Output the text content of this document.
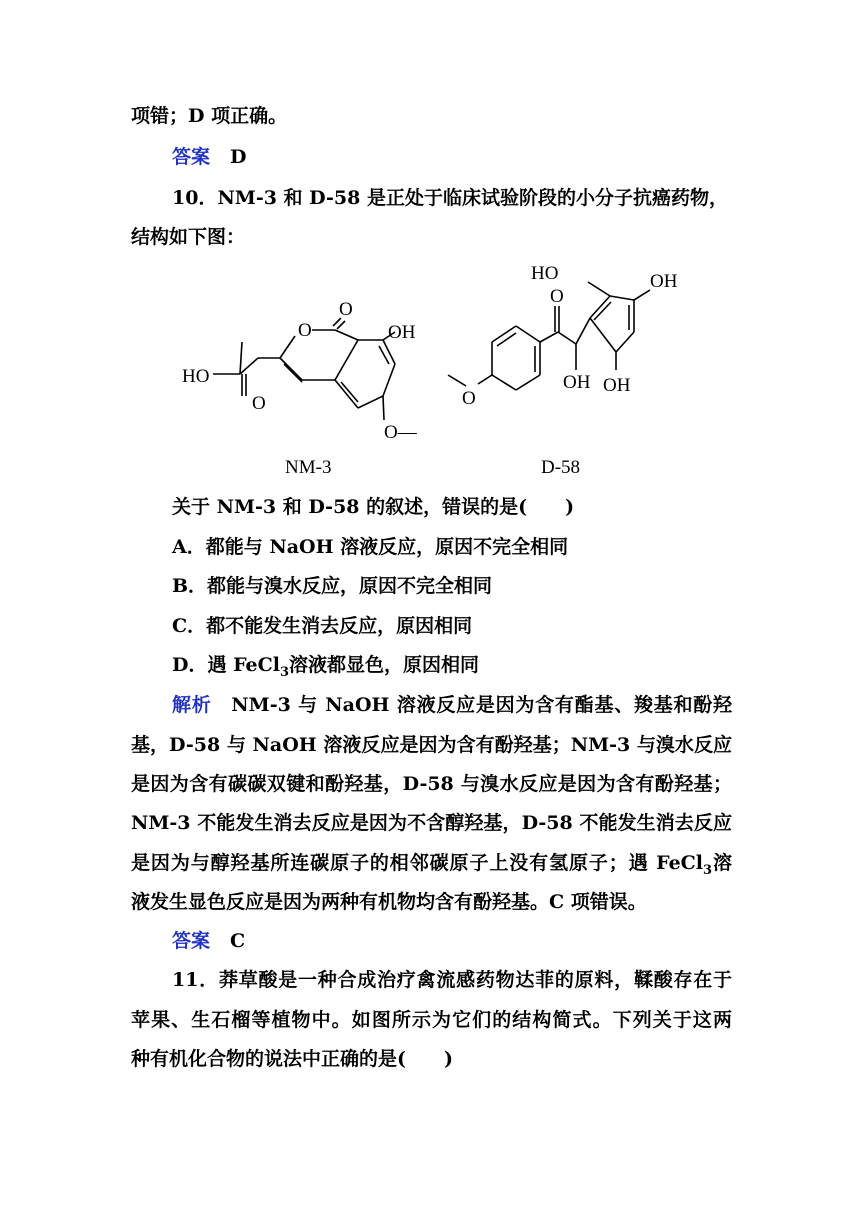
项错；D 项正确。
答案 D
10．NM-3 和 D-58 是正处于临床试验阶段的小分子抗癌药物，
结构如下图：
HO
O
O
O
OH
O—
O
O
OH
HO	OH
OH
NM-3	D-58
关于 NM-3 和 D-58 的叙述，错误的是(　　)
A．都能与 NaOH 溶液反应，原因不完全相同
B．都能与溴水反应，原因不完全相同
C．都不能发生消去反应，原因相同
D．遇 FeCl$_3$溶液都显色，原因相同
解析　 NM-3 与 NaOH 溶液反应是因为含有酯基、羧基和酚羟
基，D-58 与 NaOH 溶液反应是因为含有酚羟基；NM-3 与溴水反应
是因为含有碳碳双键和酚羟基，D-58 与溴水反应是因为含有酚羟基；
NM-3 不能发生消去反应是因为不含醇羟基，D-58 不能发生消去反应
是因为与醇羟基所连碳原子的相邻碳原子上没有氢原子；遇 FeCl$_3$溶
液发生显色反应是因为两种有机物均含有酚羟基。C 项错误。
答案 C
11．莽草酸是一种合成治疗禽流感药物达菲的原料，鞣酸存在于
苹果、生石榴等植物中。如图所示为它们的结构简式。下列关于这两
种有机化合物的说法中正确的是(　　)
